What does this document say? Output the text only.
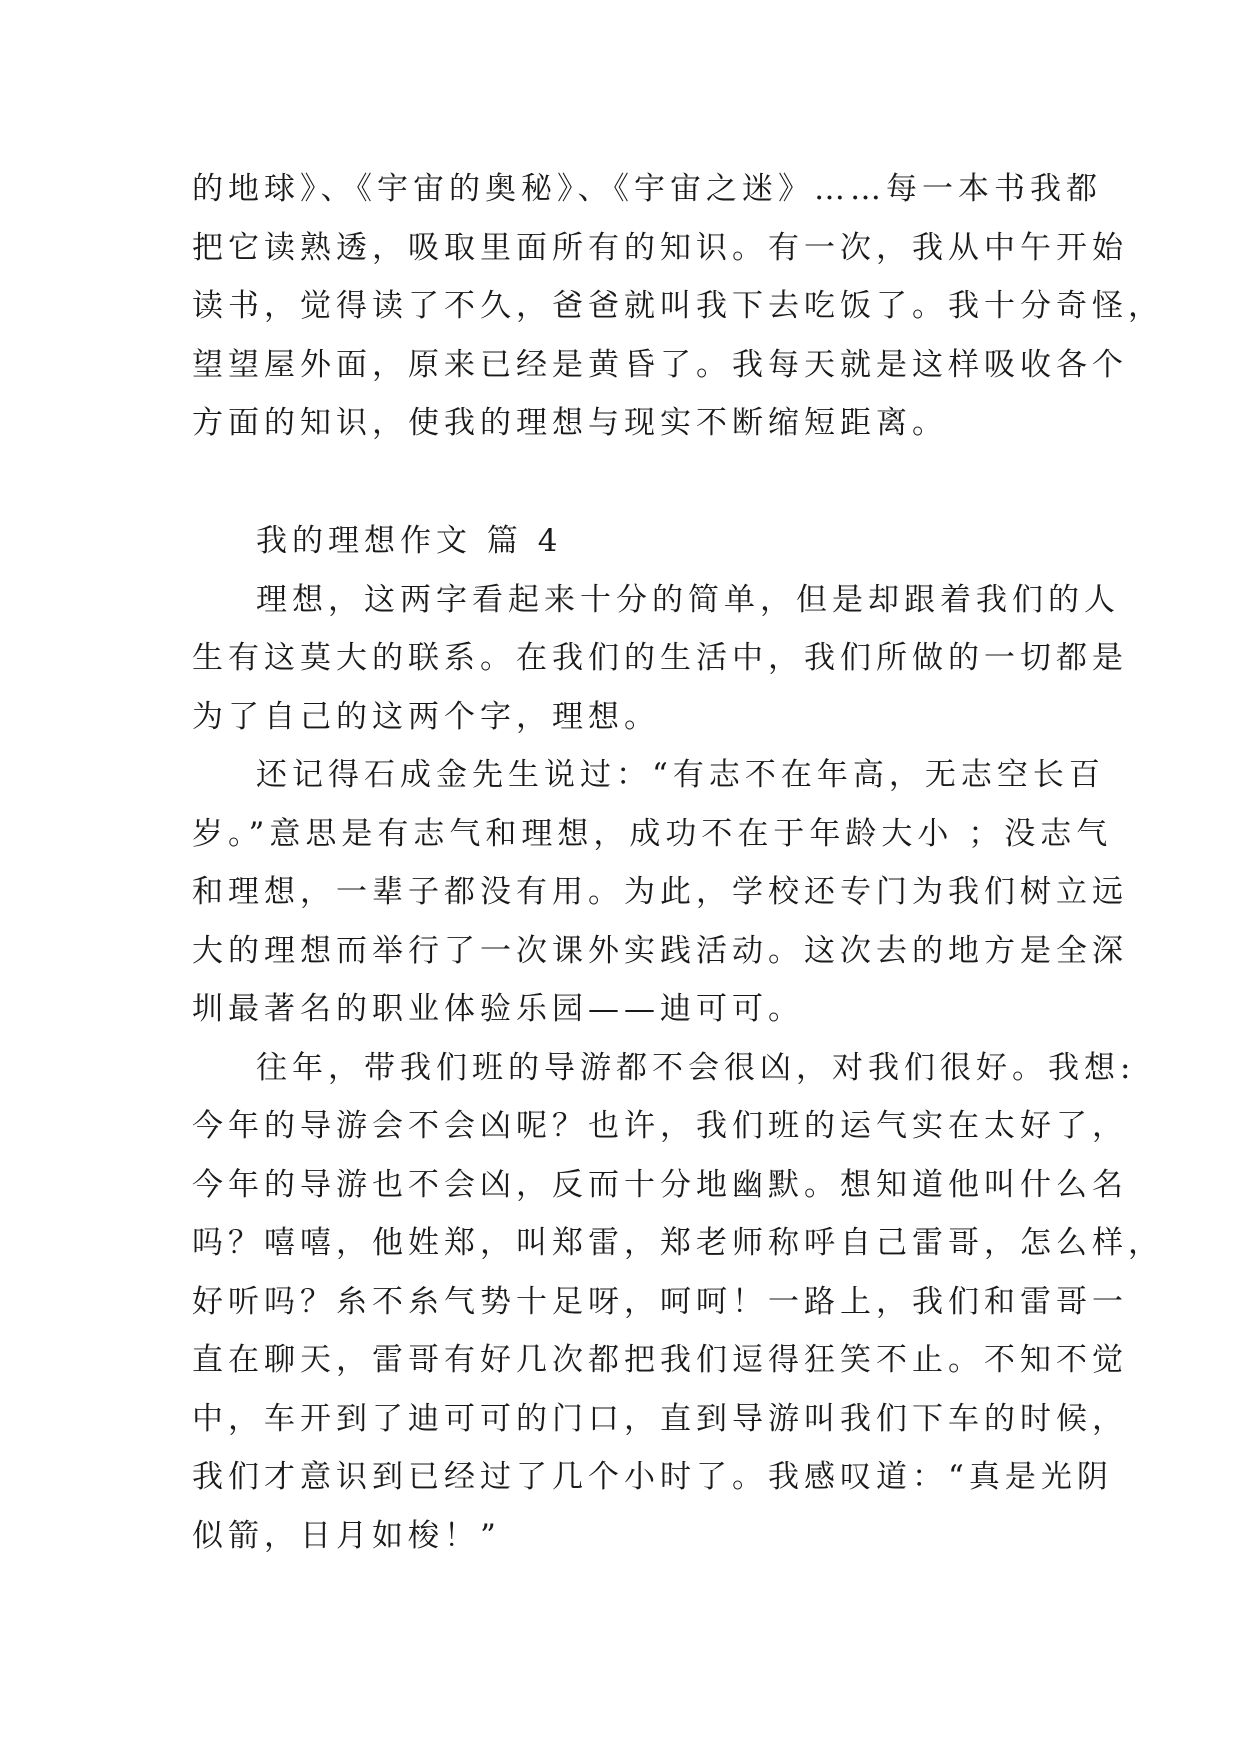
的地球》、《宇宙的奥秘》、《宇宙之迷》……每一本书我都
把它读熟透，吸取里面所有的知识。有一次，我从中午开始
读书，觉得读了不久，爸爸就叫我下去吃饭了。我十分奇怪，
望望屋外面，原来已经是黄昏了。我每天就是这样吸收各个
方面的知识，使我的理想与现实不断缩短距离。
我的理想作文 篇 4
理想，这两字看起来十分的简单，但是却跟着我们的人
生有这莫大的联系。在我们的生活中，我们所做的一切都是
为了自己的这两个字，理想。
还记得石成金先生说过：“有志不在年高，无志空长百
岁。”意思是有志气和理想，成功不在于年龄大小 ；没志气
和理想，一辈子都没有用。为此，学校还专门为我们树立远
大的理想而举行了一次课外实践活动。这次去的地方是全深
圳最著名的职业体验乐园——迪可可。
往年，带我们班的导游都不会很凶，对我们很好。我想:
今年的导游会不会凶呢？也许，我们班的运气实在太好了，
今年的导游也不会凶，反而十分地幽默。想知道他叫什么名
吗？嘻嘻，他姓郑，叫郑雷，郑老师称呼自己雷哥，怎么样，
好听吗？糸不糸气势十足呀，呵呵！一路上，我们和雷哥一
直在聊天，雷哥有好几次都把我们逗得狂笑不止。不知不觉
中，车开到了迪可可的门口，直到导游叫我们下车的时候，
我们才意识到已经过了几个小时了。我感叹道：“真是光阴
似箭，日月如梭！”
